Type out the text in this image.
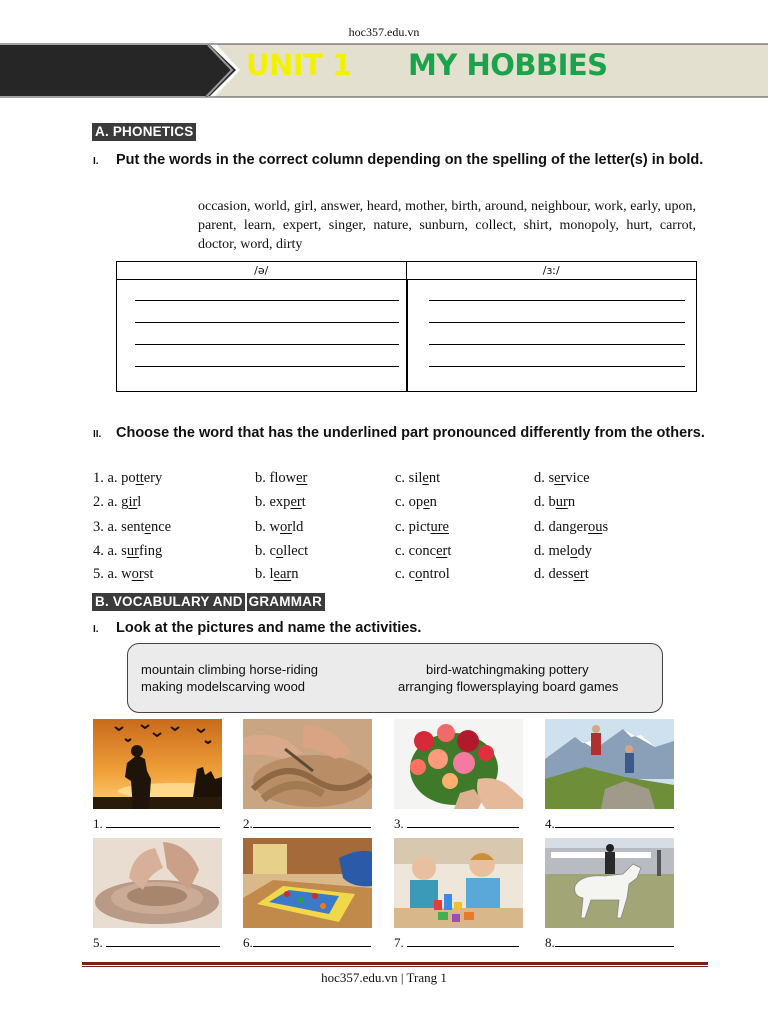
hoc357.edu.vn
UNIT 1 MY HOBBIES
A. PHONETICS
I. Put the words in the correct column depending on the spelling of the letter(s) in bold.
occasion, world, girl, answer, heard, mother, birth, around, neighbour, work, early, upon, parent, learn, expert, singer, nature, sunburn, collect, shirt, monopoly, hurt, carrot, doctor, word, dirty
/ə/	/ɜː/
II. Choose the word that has the underlined part pronounced differently from the others.
1. a. pottery	b. flower	c. silent	d. service
2. a. girl	b. expert	c. open	d. burn
3. a. sentence	b. world	c. picture	d. dangerous
4. a. surfing	b. collect	c. concert	d. melody
5. a. worst	b. learn	c. control	d. dessert
B. VOCABULARY AND GRAMMAR
I. Look at the pictures and name the activities.
mountain climbing horse-riding	bird-watchingmaking pottery
making modelscarving wood	arranging flowersplaying board games
1.	2.	3.	4.
5.	6.	7.	8.
hoc357.edu.vn | Trang 1
